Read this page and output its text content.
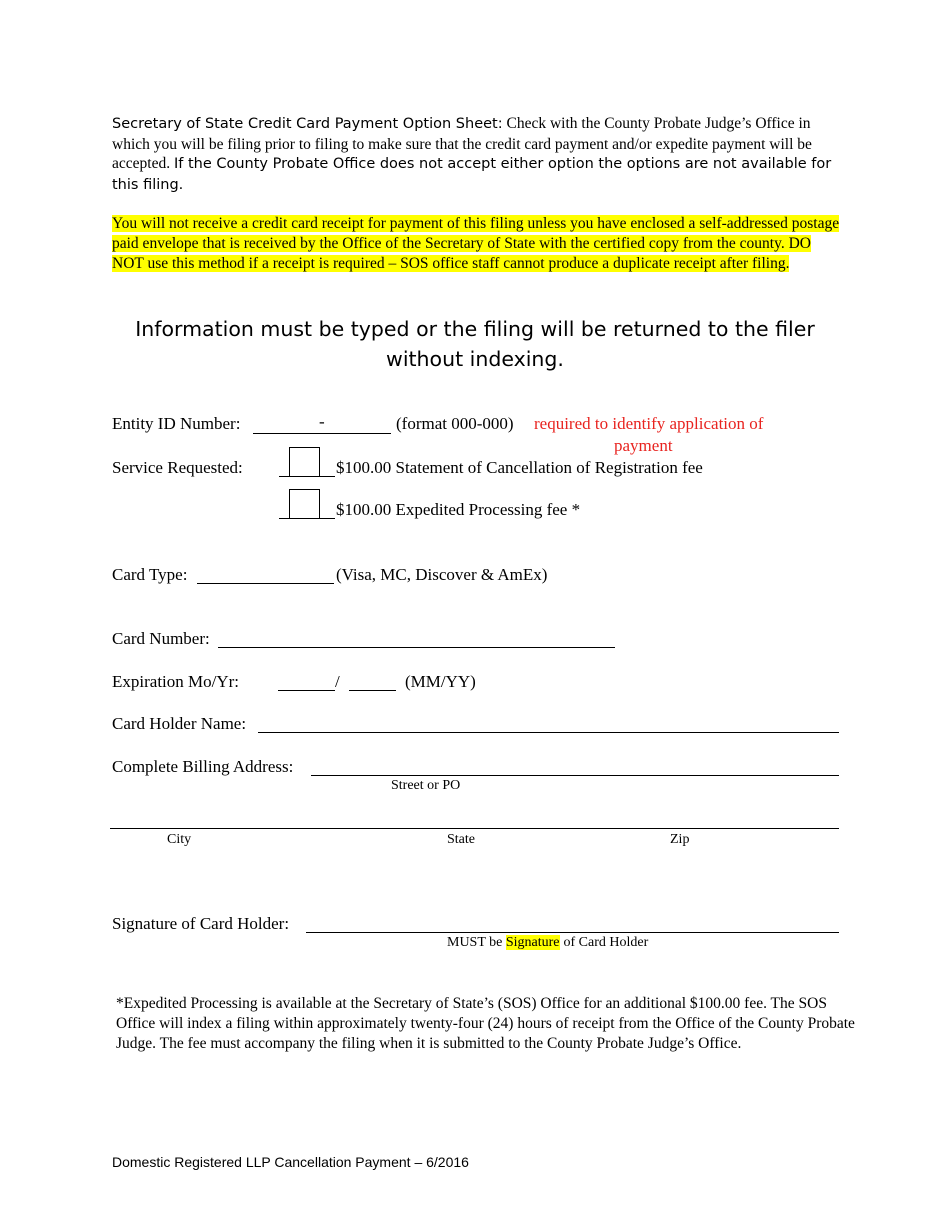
Secretary of State Credit Card Payment Option Sheet: Check with the County Probate Judge’s Office in which you will be filing prior to filing to make sure that the credit card payment and/or expedite payment will be accepted. If the County Probate Office does not accept either option the options are not available for this filing.
You will not receive a credit card receipt for payment of this filing unless you have enclosed a self-addressed postage paid envelope that is received by the Office of the Secretary of State with the certified copy from the county. DO NOT use this method if a receipt is required – SOS office staff cannot produce a duplicate receipt after filing.
Information must be typed or the filing will be returned to the filer
without indexing.
Entity ID Number:	-	(format 000-000) required to identify application of
payment
Service Requested:	$100.00 Statement of Cancellation of Registration fee
$100.00 Expedited Processing fee *
Card Type:	(Visa, MC, Discover & AmEx)
Card Number:
Expiration Mo/Yr:	/	(MM/YY)
Card Holder Name:
Complete Billing Address:
Street or PO
City	State	Zip
Signature of Card Holder:
MUST be Signature of Card Holder
*Expedited Processing is available at the Secretary of State’s (SOS) Office for an additional $100.00 fee. The SOS Office will index a filing within approximately twenty-four (24) hours of receipt from the Office of the County Probate Judge. The fee must accompany the filing when it is submitted to the County Probate Judge’s Office.
Domestic Registered LLP Cancellation Payment – 6/2016
